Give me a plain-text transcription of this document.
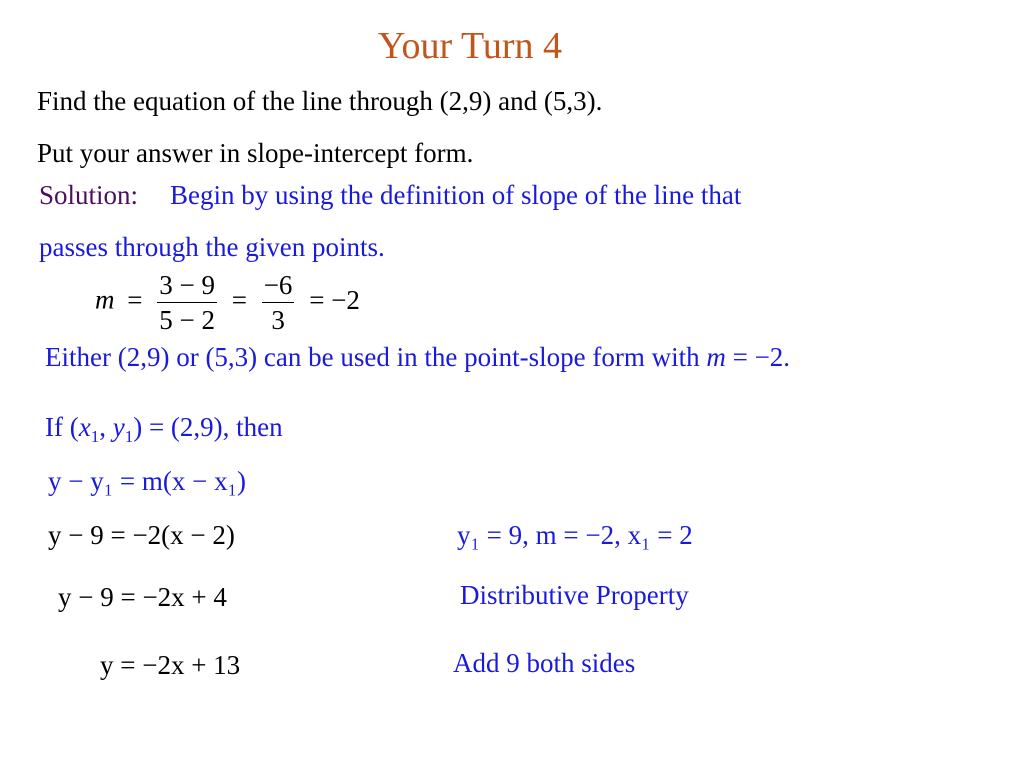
Your Turn 4
Find the equation of the line through (2,9) and (5,3).
Put your answer in slope-intercept form.
Solution: Begin by using the definition of slope of the line that
passes through the given points.
$m = \frac{3 - 9}{5 - 2} = \frac{-6}{3} = -2$
Either (2,9) or (5,3) can be used in the point-slope form with m = −2.
If ($x_1$, $y_1) = (2,9)$, then
y − y₁ = m(x − x₁)
y − 9 = −2(x − 2)	y₁ = 9, m = −2, x₁ = 2
y − 9 = −2x + 4	Distributive Property
y = −2x + 13	Add 9 both sides
